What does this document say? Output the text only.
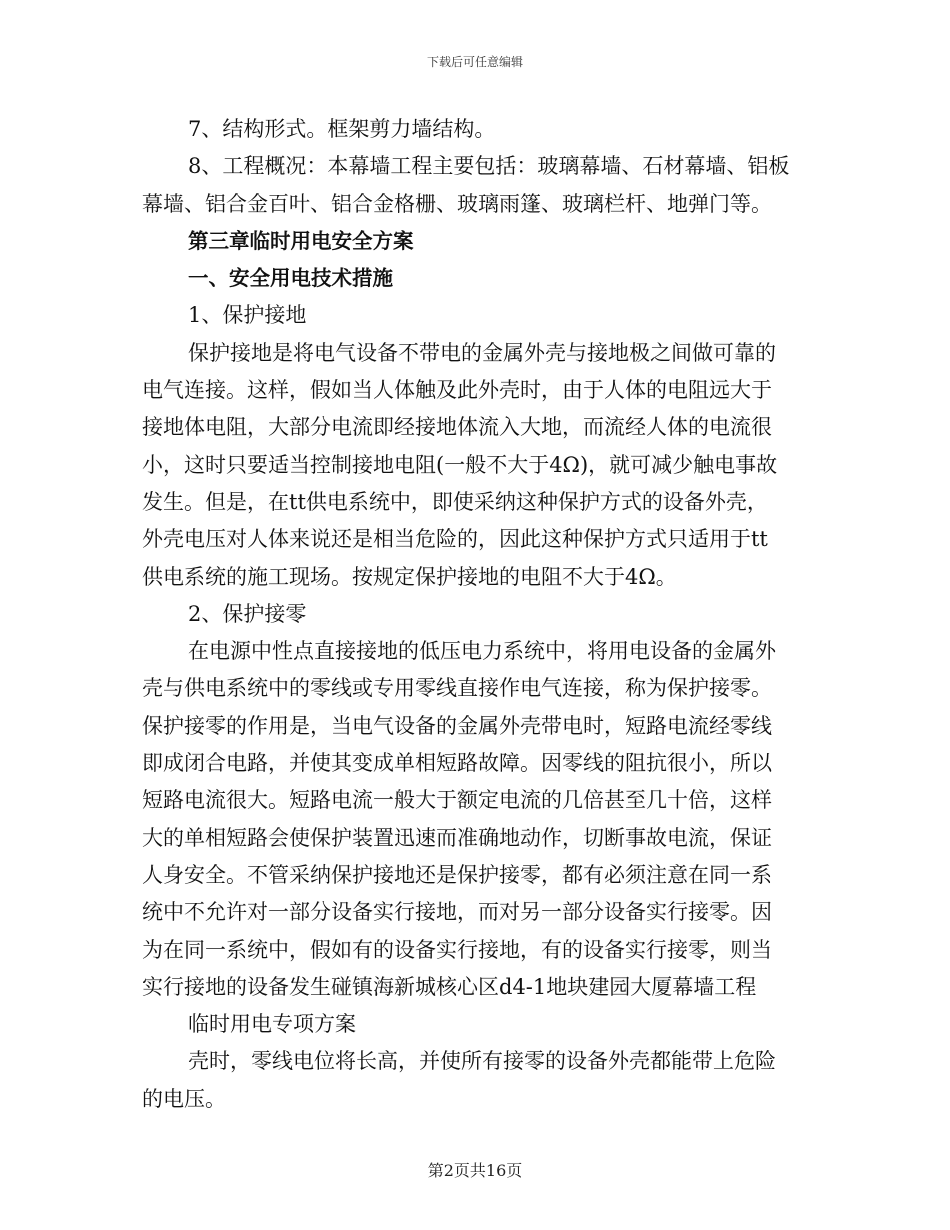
下载后可任意编辑

7、结构形式。框架剪力墙结构。

8、工程概况：本幕墙工程主要包括：玻璃幕墙、石材幕墙、铝板

幕墙、铝合金百叶、铝合金格栅、玻璃雨篷、玻璃栏杆、地弹门等。

第三章临时用电安全方案

一、安全用电技术措施

1、保护接地

保护接地是将电气设备不带电的金属外壳与接地极之间做可靠的

电气连接。这样，假如当人体触及此外壳时，由于人体的电阻远大于

接地体电阻，大部分电流即经接地体流入大地，而流经人体的电流很

小，这时只要适当控制接地电阻(一般不大于4Ω)，就可减少触电事故

发生。但是，在tt供电系统中，即使采纳这种保护方式的设备外壳，

外壳电压对人体来说还是相当危险的，因此这种保护方式只适用于tt

供电系统的施工现场。按规定保护接地的电阻不大于4Ω。

2、保护接零

在电源中性点直接接地的低压电力系统中，将用电设备的金属外

壳与供电系统中的零线或专用零线直接作电气连接，称为保护接零。

保护接零的作用是，当电气设备的金属外壳带电时，短路电流经零线

即成闭合电路，并使其变成单相短路故障。因零线的阻抗很小，所以

短路电流很大。短路电流一般大于额定电流的几倍甚至几十倍，这样

大的单相短路会使保护装置迅速而准确地动作，切断事故电流，保证

人身安全。不管采纳保护接地还是保护接零，都有必须注意在同一系

统中不允许对一部分设备实行接地，而对另一部分设备实行接零。因

为在同一系统中，假如有的设备实行接地，有的设备实行接零，则当

实行接地的设备发生碰镇海新城核心区d4-1地块建园大厦幕墙工程

临时用电专项方案

壳时，零线电位将长高，并使所有接零的设备外壳都能带上危险

的电压。

第2页共16页
